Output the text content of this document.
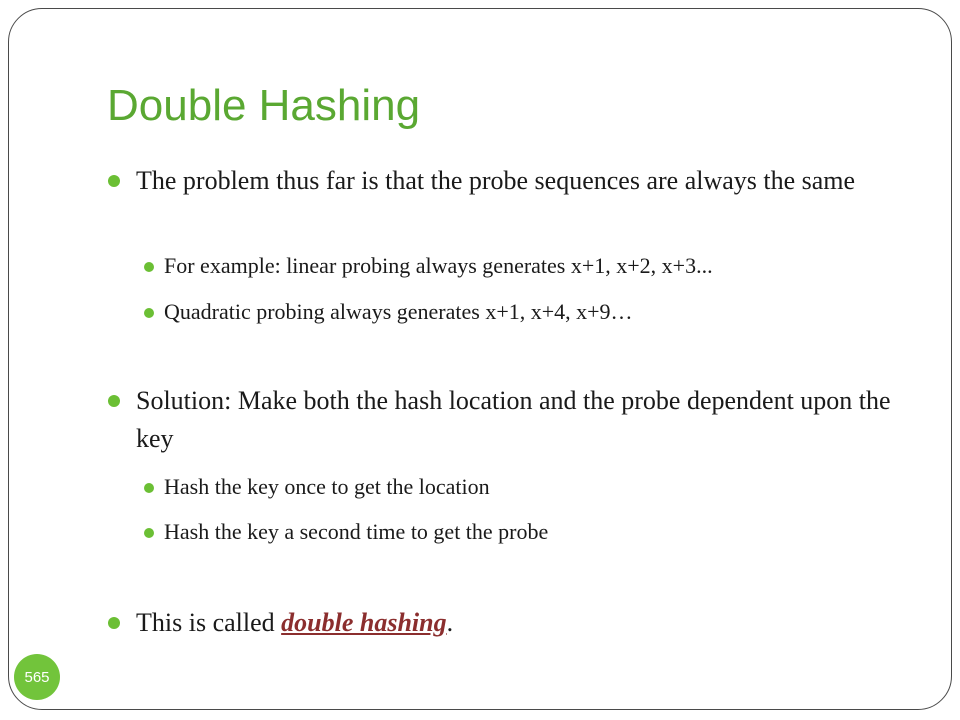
Double Hashing
The problem thus far is that the probe sequences are always the same
For example: linear probing always generates x+1, x+2, x+3...
Quadratic probing always generates x+1, x+4, x+9…
Solution: Make both the hash location and the probe dependent upon the key
Hash the key once to get the location
Hash the key a second time to get the probe
This is called double hashing.
565
